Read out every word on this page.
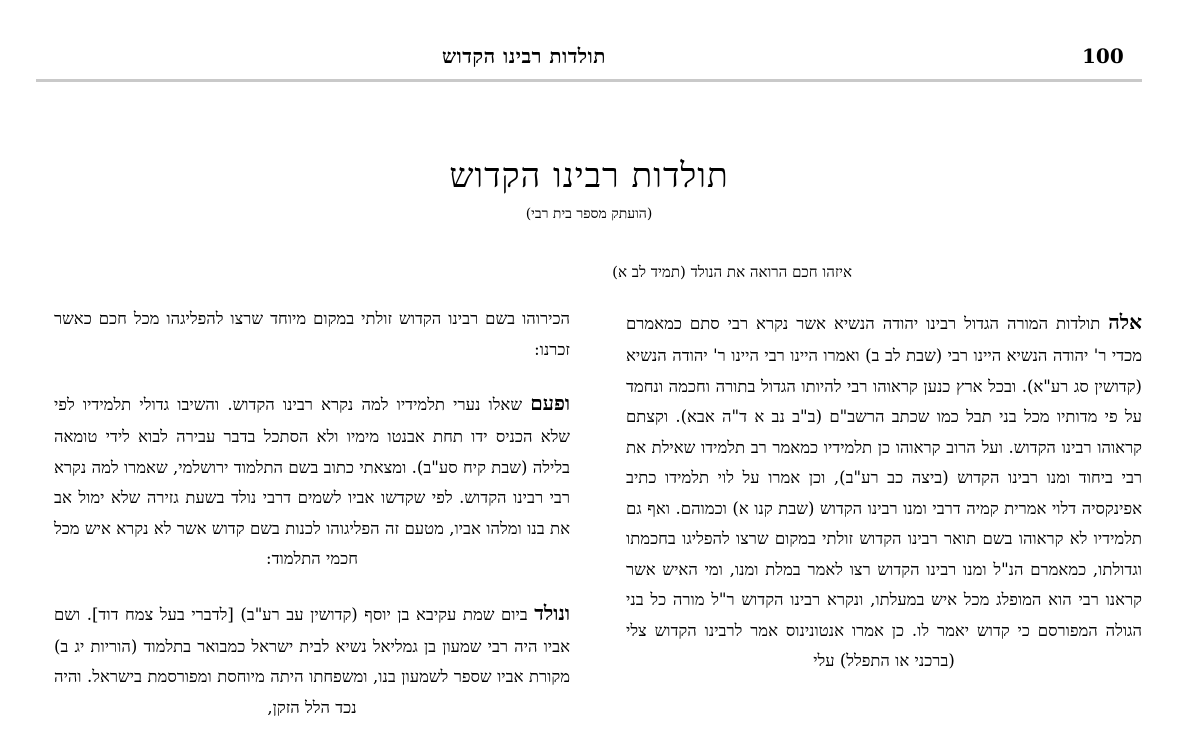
100
תולדות רבינו הקדוש
תולדות רבינו הקדוש
(הועתק מספר בית רבי)
איזהו חכם הרואה את הנולד (תמיד לב א)

אלה תולדות המורה הגדול רבינו יהודה הנשיא אשר נקרא רבי סתם כמאמרם מכדי ר' יהודה הנשיא היינו רבי (שבת לב ב) ואמרו היינו רבי היינו ר' יהודה הנשיא (קדושין סג רע"א). ובכל ארץ כנען קראוהו רבי להיותו הגדול בתורה וחכמה ונחמד על פי מדותיו מכל בני תבל כמו שכתב הרשב"ם (ב"ב נב א ד"ה אבא). וקצתם קראוהו רבינו הקדוש. ועל הרוב קראוהו כן תלמידיו כמאמר רב תלמידו שאילת את רבי ביחוד ומנו רבינו הקדוש (ביצה כב רע"ב), וכן אמרו על לוי תלמידו כתיב אפינקסיה דלוי אמרית קמיה דרבי ומנו רבינו הקדוש (שבת קנו א) וכמוהם. ואף גם תלמידיו לא קראוהו בשם תואר רבינו הקדוש זולתי במקום שרצו להפליגו בחכמתו וגדולתו, כמאמרם הנ"ל ומנו רבינו הקדוש רצו לאמר במלת ומנו, ומי האיש אשר קראנו רבי הוא המופלג מכל איש במעלתו, ונקרא רבינו הקדוש ר"ל מורה כל בני הגולה המפורסם כי קדוש יאמר לו. כן אמרו אנטונינוס אמר לרבינו הקדוש צלי (ברכני או התפלל) עלי

הכירוהו בשם רבינו הקדוש זולתי במקום מיוחד שרצו להפליגהו מכל חכם כאשר זכרנו:

ופעם שאלו נערי תלמידיו למה נקרא רבינו הקדוש. והשיבו גדולי תלמידיו לפי שלא הכניס ידו תחת אבנטו מימיו ולא הסתכל בדבר עבירה לבוא לידי טומאה בלילה (שבת קיח סע"ב). ומצאתי כתוב בשם התלמוד ירושלמי, שאמרו למה נקרא רבי רבינו הקדוש. לפי שקדשו אביו לשמים דרבי נולד בשעת גזירה שלא ימול אב את בנו ומלהו אביו, מטעם זה הפליגוהו לכנות בשם קדוש אשר לא נקרא איש מכל חכמי התלמוד:

ונולד ביום שמת עקיבא בן יוסף (קדושין עב רע"ב) [לדברי בעל צמח דוד]. ושם אביו היה רבי שמעון בן גמליאל נשיא לבית ישראל כמבואר בתלמוד (הוריות יג ב) מקורת אביו שספר לשמעון בנו, ומשפחתו היתה מיוחסת ומפורסמת בישראל. והיה נכד הלל הזקן,
